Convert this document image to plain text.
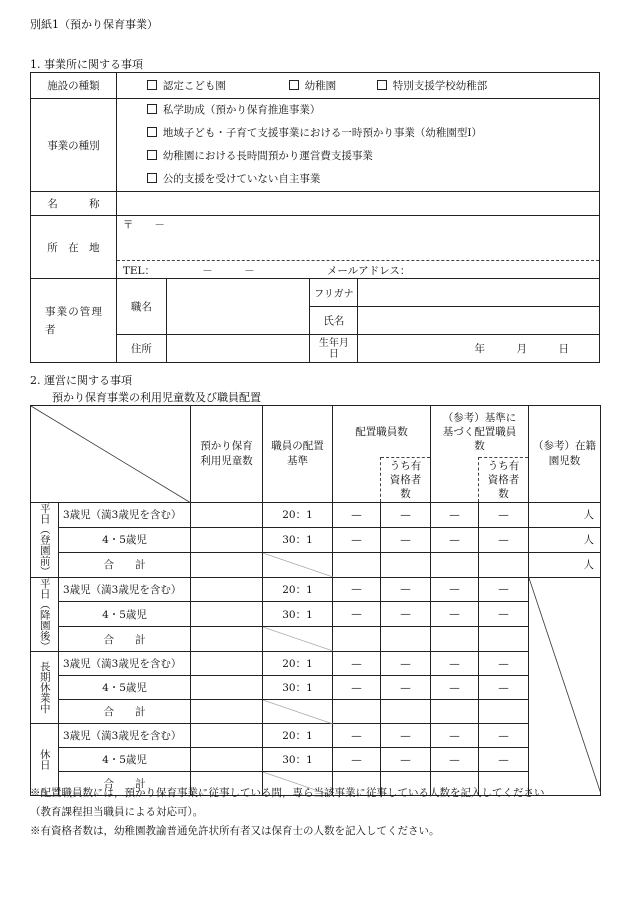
別紙1（預かり保育事業）
1. 事業所に関する事項
施設の種類	認定こども園 幼稚園 特別支援学校幼稚部			
事業の種別	私学助成（預かり保育推進事業）
地域子ども・子育て支援事業における一時預かり事業（幼稚園型Ⅰ）
幼稚園における長時間預かり運営費支援事業
公的支援を受けていない自主事業			

名　　　称				
所　在　地	〒　　－
TEL：　　　　　－　　　－ メールアドレス：			

事業の管理者	職名		フリガナ	
			氏名	
	住所		生年月日	年　　　月　　　日
2. 運営に関する事項
預かり保育事業の利用児童数及び職員配置
	預かり保育利用児童数	職員の配置基準	配置職員数		（参考）基準に基づく配置職員数		（参考）在籍園児数
					うち有資格者数		うち有資格者数	

平日（登園前）	3歳児（満3歳児を含む）		20：1	—	—	—	—	人
	4・5歳児		30：1	—	—	—	—	人
	合　　計							人

平日（降園後）	3歳児（満3歳児を含む）		20：1	—	—	—	—	

	4・5歳児		30：1	—	—	—	—	
	合　　計		

長期休業中	3歳児（満3歳児を含む）		20：1	—	—	—	—	
	4・5歳児		30：1	—	—	—	—	
	合　　計		

休日	3歳児（満3歳児を含む）		20：1	—	—	—	—	
	4・5歳児		30：1	—	—	—	—	
	合　　計		

※配置職員数には，預かり保育事業に従事している間，専ら当該事業に従事している人数を記入してください
（教育課程担当職員による対応可）。
※有資格者数は，幼稚園教諭普通免許状所有者又は保育士の人数を記入してください。
